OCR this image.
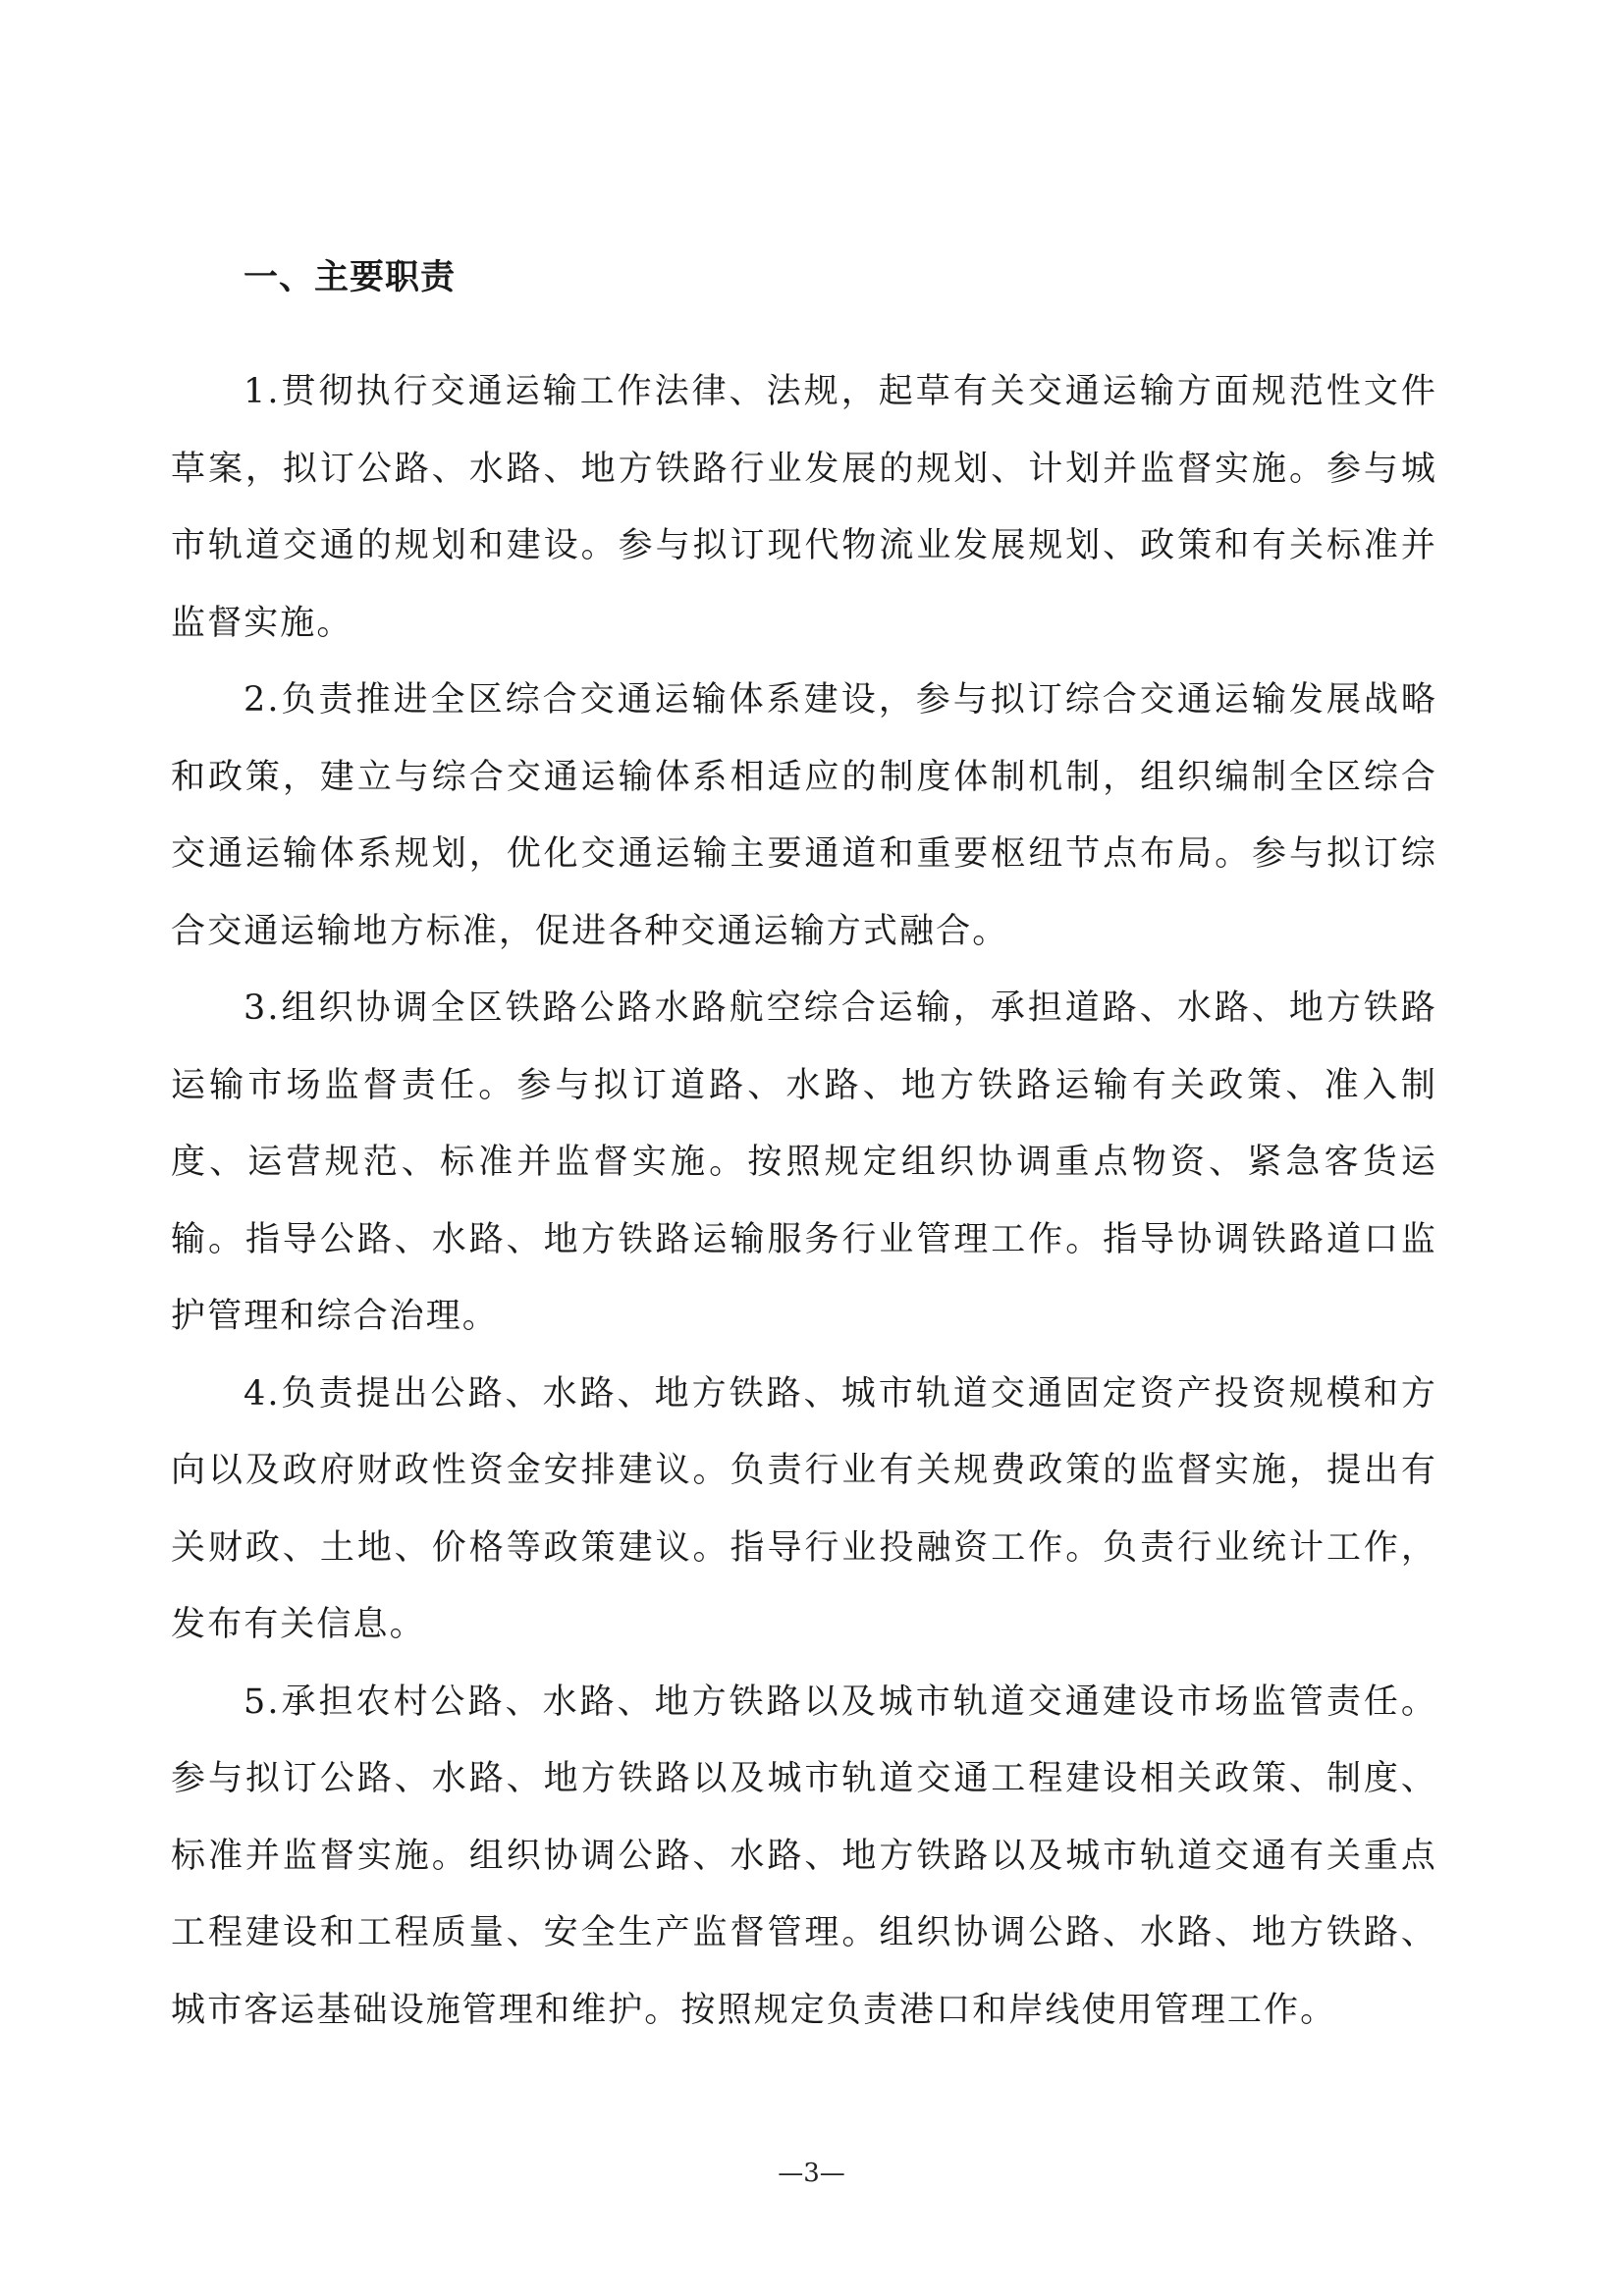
一、主要职责

1.贯彻执行交通运输工作法律、法规，起草有关交通运输方面规范性文件草案，拟订公路、水路、地方铁路行业发展的规划、计划并监督实施。参与城市轨道交通的规划和建设。参与拟订现代物流业发展规划、政策和有关标准并监督实施。

2.负责推进全区综合交通运输体系建设，参与拟订综合交通运输发展战略和政策，建立与综合交通运输体系相适应的制度体制机制，组织编制全区综合交通运输体系规划，优化交通运输主要通道和重要枢纽节点布局。参与拟订综合交通运输地方标准，促进各种交通运输方式融合。

3.组织协调全区铁路公路水路航空综合运输，承担道路、水路、地方铁路运输市场监督责任。参与拟订道路、水路、地方铁路运输有关政策、准入制度、运营规范、标准并监督实施。按照规定组织协调重点物资、紧急客货运输。指导公路、水路、地方铁路运输服务行业管理工作。指导协调铁路道口监护管理和综合治理。

4.负责提出公路、水路、地方铁路、城市轨道交通固定资产投资规模和方向以及政府财政性资金安排建议。负责行业有关规费政策的监督实施，提出有关财政、土地、价格等政策建议。指导行业投融资工作。负责行业统计工作，发布有关信息。

5.承担农村公路、水路、地方铁路以及城市轨道交通建设市场监管责任。参与拟订公路、水路、地方铁路以及城市轨道交通工程建设相关政策、制度、标准并监督实施。组织协调公路、水路、地方铁路以及城市轨道交通有关重点工程建设和工程质量、安全生产监督管理。组织协调公路、水路、地方铁路、城市客运基础设施管理和维护。按照规定负责港口和岸线使用管理工作。

—3—
